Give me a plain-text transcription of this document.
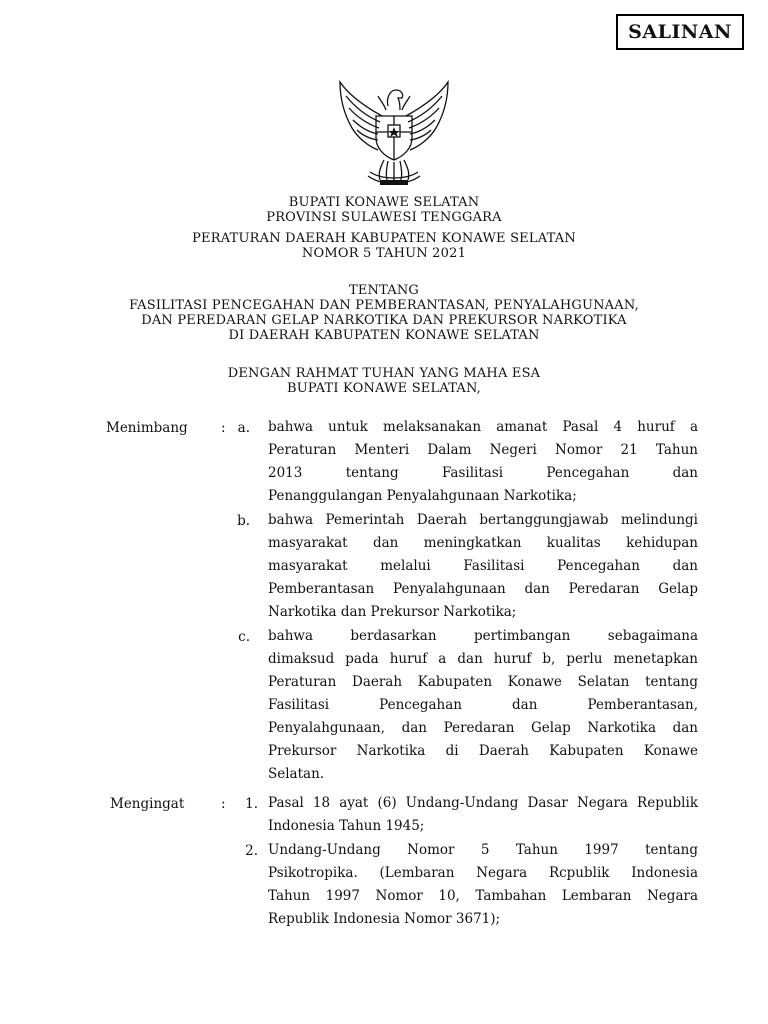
SALINAN
BUPATI KONAWE SELATAN
PROVINSI SULAWESI TENGGARA
PERATURAN DAERAH KABUPATEN KONAWE SELATAN
NOMOR 5 TAHUN 2021
TENTANG
FASILITASI PENCEGAHAN DAN PEMBERANTASAN, PENYALAHGUNAAN,
DAN PEREDARAN GELAP NARKOTIKA DAN PREKURSOR NARKOTIKA
DI DAERAH KABUPATEN KONAWE SELATAN
DENGAN RAHMAT TUHAN YANG MAHA ESA
BUPATI KONAWE SELATAN,
Menimbang : a. bahwa untuk melaksanakan amanat Pasal 4 huruf a
Peraturan Menteri Dalam Negeri Nomor 21 Tahun
2013 tentang Fasilitasi Pencegahan dan
Penanggulangan Penyalahgunaan Narkotika;
b. bahwa Pemerintah Daerah bertanggungjawab melindungi
masyarakat dan meningkatkan kualitas kehidupan
masyarakat melalui Fasilitasi Pencegahan dan
Pemberantasan Penyalahgunaan dan Peredaran Gelap
Narkotika dan Prekursor Narkotika;
c. bahwa berdasarkan pertimbangan sebagaimana
dimaksud pada huruf a dan huruf b, perlu menetapkan
Peraturan Daerah Kabupaten Konawe Selatan tentang
Fasilitasi Pencegahan dan Pemberantasan,
Penyalahgunaan, dan Peredaran Gelap Narkotika dan
Prekursor Narkotika di Daerah Kabupaten Konawe
Selatan.
Mengingat	:	1. Pasal 18 ayat (6) Undang-Undang Dasar Negara Republik
Indonesia Tahun 1945;
2. Undang-Undang Nomor 5 Tahun 1997 tentang
Psikotropika. (Lembaran Negara Rcpublik Indonesia
Tahun 1997 Nomor 10, Tambahan Lembaran Negara
Republik Indonesia Nomor 3671);
